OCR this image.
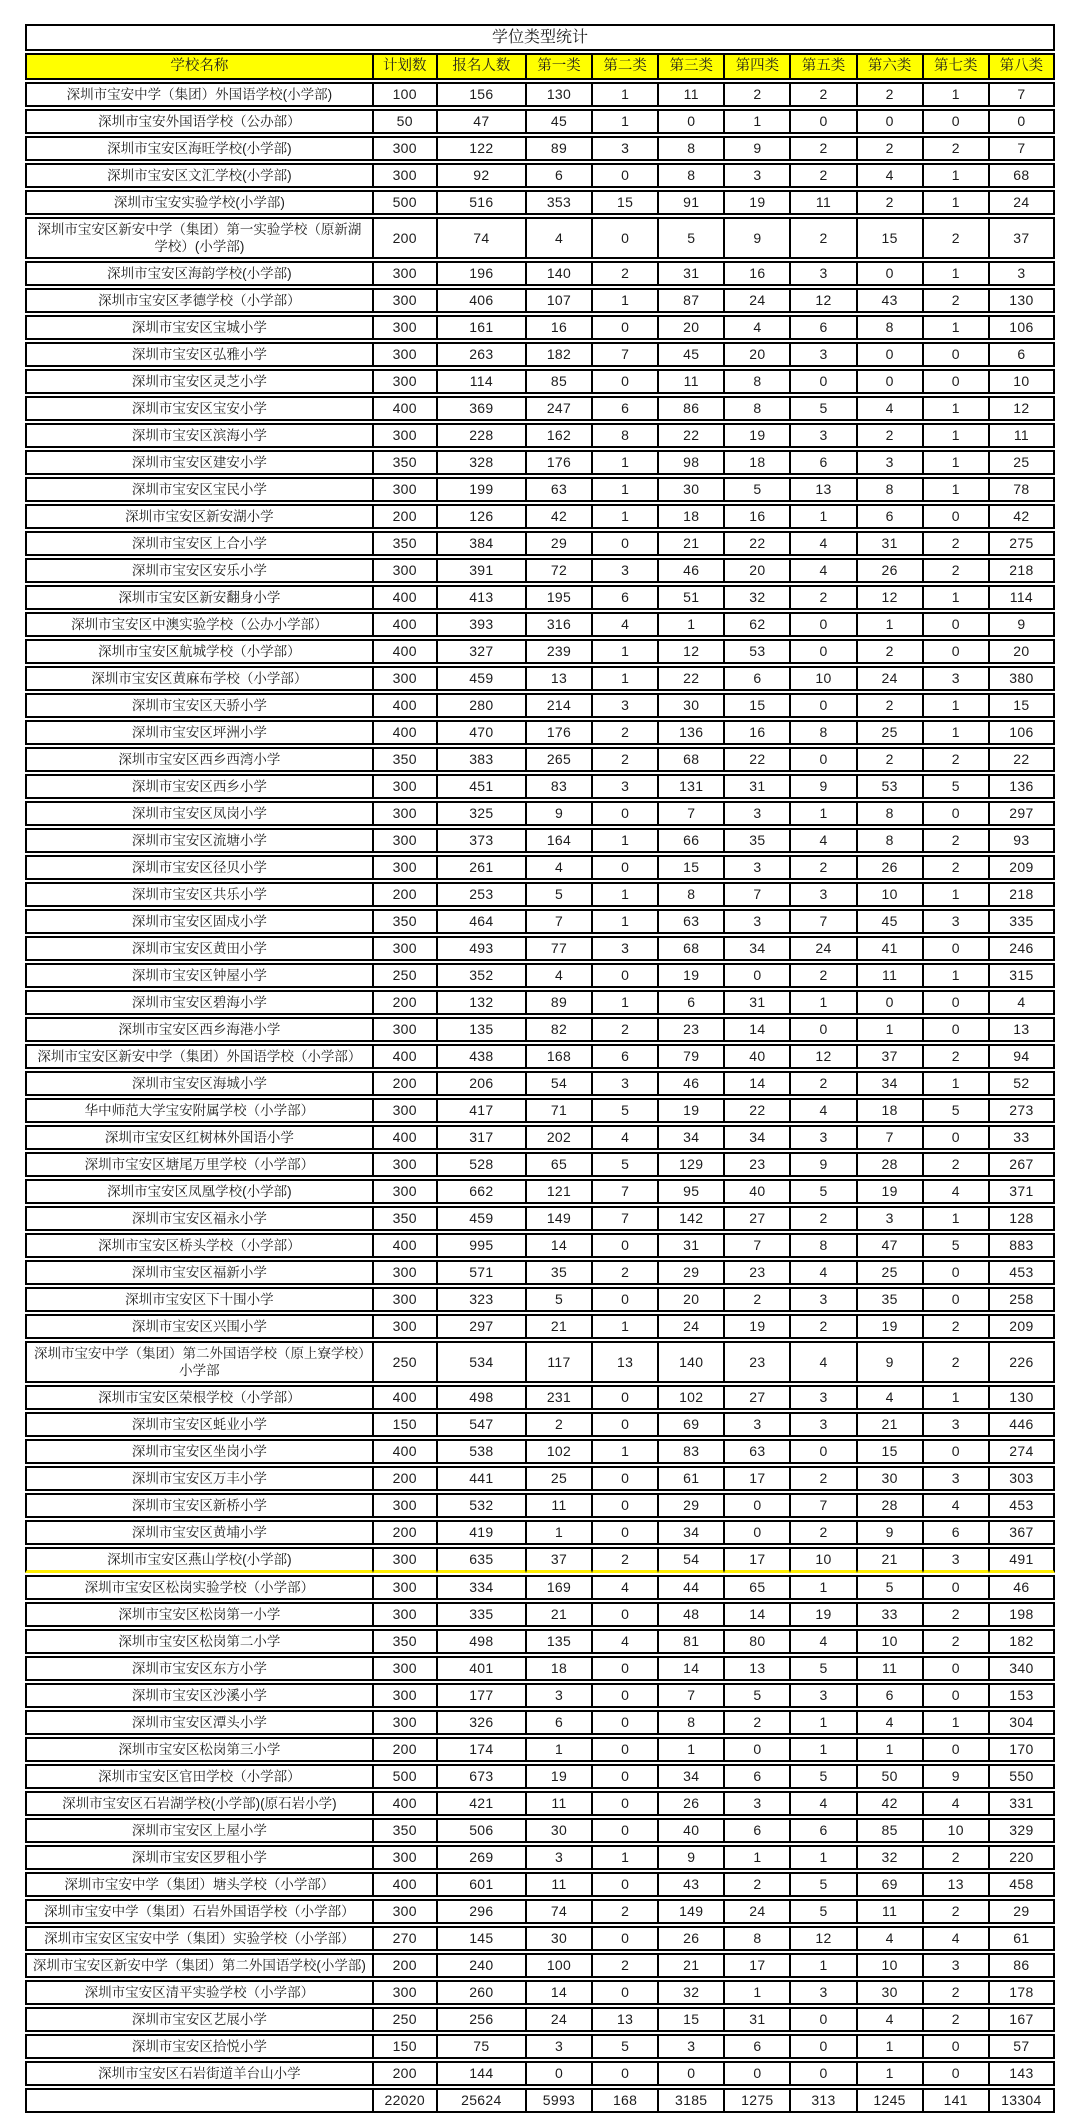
学位类型统计										
学校名称	计划数	报名人数	第一类	第二类	第三类	第四类	第五类	第六类	第七类	第八类
深圳市宝安中学（集团）外国语学校(小学部)	100	156	130	1	11	2	2	2	1	7
深圳市宝安外国语学校（公办部）	50	47	45	1	0	1	0	0	0	0
深圳市宝安区海旺学校(小学部)	300	122	89	3	8	9	2	2	2	7
深圳市宝安区文汇学校(小学部)	300	92	6	0	8	3	2	4	1	68
深圳市宝安实验学校(小学部)	500	516	353	15	91	19	11	2	1	24
深圳市宝安区新安中学（集团）第一实验学校（原新湖学校）(小学部)	200	74	4	0	5	9	2	15	2	37
深圳市宝安区海韵学校(小学部)	300	196	140	2	31	16	3	0	1	3
深圳市宝安区孝德学校（小学部）	300	406	107	1	87	24	12	43	2	130
深圳市宝安区宝城小学	300	161	16	0	20	4	6	8	1	106
深圳市宝安区弘雅小学	300	263	182	7	45	20	3	0	0	6
深圳市宝安区灵芝小学	300	114	85	0	11	8	0	0	0	10
深圳市宝安区宝安小学	400	369	247	6	86	8	5	4	1	12
深圳市宝安区滨海小学	300	228	162	8	22	19	3	2	1	11
深圳市宝安区建安小学	350	328	176	1	98	18	6	3	1	25
深圳市宝安区宝民小学	300	199	63	1	30	5	13	8	1	78
深圳市宝安区新安湖小学	200	126	42	1	18	16	1	6	0	42
深圳市宝安区上合小学	350	384	29	0	21	22	4	31	2	275
深圳市宝安区安乐小学	300	391	72	3	46	20	4	26	2	218
深圳市宝安区新安翻身小学	400	413	195	6	51	32	2	12	1	114
深圳市宝安区中澳实验学校（公办小学部）	400	393	316	4	1	62	0	1	0	9
深圳市宝安区航城学校（小学部）	400	327	239	1	12	53	0	2	0	20
深圳市宝安区黄麻布学校（小学部）	300	459	13	1	22	6	10	24	3	380
深圳市宝安区天骄小学	400	280	214	3	30	15	0	2	1	15
深圳市宝安区坪洲小学	400	470	176	2	136	16	8	25	1	106
深圳市宝安区西乡西湾小学	350	383	265	2	68	22	0	2	2	22
深圳市宝安区西乡小学	300	451	83	3	131	31	9	53	5	136
深圳市宝安区凤岗小学	300	325	9	0	7	3	1	8	0	297
深圳市宝安区流塘小学	300	373	164	1	66	35	4	8	2	93
深圳市宝安区径贝小学	300	261	4	0	15	3	2	26	2	209
深圳市宝安区共乐小学	200	253	5	1	8	7	3	10	1	218
深圳市宝安区固戍小学	350	464	7	1	63	3	7	45	3	335
深圳市宝安区黄田小学	300	493	77	3	68	34	24	41	0	246
深圳市宝安区钟屋小学	250	352	4	0	19	0	2	11	1	315
深圳市宝安区碧海小学	200	132	89	1	6	31	1	0	0	4
深圳市宝安区西乡海港小学	300	135	82	2	23	14	0	1	0	13
深圳市宝安区新安中学（集团）外国语学校（小学部）	400	438	168	6	79	40	12	37	2	94
深圳市宝安区海城小学	200	206	54	3	46	14	2	34	1	52
华中师范大学宝安附属学校（小学部）	300	417	71	5	19	22	4	18	5	273
深圳市宝安区红树林外国语小学	400	317	202	4	34	34	3	7	0	33
深圳市宝安区塘尾万里学校（小学部）	300	528	65	5	129	23	9	28	2	267
深圳市宝安区凤凰学校(小学部)	300	662	121	7	95	40	5	19	4	371
深圳市宝安区福永小学	350	459	149	7	142	27	2	3	1	128
深圳市宝安区桥头学校（小学部）	400	995	14	0	31	7	8	47	5	883
深圳市宝安区福新小学	300	571	35	2	29	23	4	25	0	453
深圳市宝安区下十围小学	300	323	5	0	20	2	3	35	0	258
深圳市宝安区兴围小学	300	297	21	1	24	19	2	19	2	209
深圳市宝安中学（集团）第二外国语学校（原上寮学校）小学部	250	534	117	13	140	23	4	9	2	226
深圳市宝安区荣根学校（小学部）	400	498	231	0	102	27	3	4	1	130
深圳市宝安区蚝业小学	150	547	2	0	69	3	3	21	3	446
深圳市宝安区坐岗小学	400	538	102	1	83	63	0	15	0	274
深圳市宝安区万丰小学	200	441	25	0	61	17	2	30	3	303
深圳市宝安区新桥小学	300	532	11	0	29	0	7	28	4	453
深圳市宝安区黄埔小学	200	419	1	0	34	0	2	9	6	367
深圳市宝安区燕山学校(小学部)	300	635	37	2	54	17	10	21	3	491
深圳市宝安区松岗实验学校（小学部）	300	334	169	4	44	65	1	5	0	46
深圳市宝安区松岗第一小学	300	335	21	0	48	14	19	33	2	198
深圳市宝安区松岗第二小学	350	498	135	4	81	80	4	10	2	182
深圳市宝安区东方小学	300	401	18	0	14	13	5	11	0	340
深圳市宝安区沙溪小学	300	177	3	0	7	5	3	6	0	153
深圳市宝安区潭头小学	300	326	6	0	8	2	1	4	1	304
深圳市宝安区松岗第三小学	200	174	1	0	1	0	1	1	0	170
深圳市宝安区官田学校（小学部）	500	673	19	0	34	6	5	50	9	550
深圳市宝安区石岩湖学校(小学部)(原石岩小学)	400	421	11	0	26	3	4	42	4	331
深圳市宝安区上屋小学	350	506	30	0	40	6	6	85	10	329
深圳市宝安区罗租小学	300	269	3	1	9	1	1	32	2	220
深圳市宝安中学（集团）塘头学校（小学部）	400	601	11	0	43	2	5	69	13	458
深圳市宝安中学（集团）石岩外国语学校（小学部）	300	296	74	2	149	24	5	11	2	29
深圳市宝安区宝安中学（集团）实验学校（小学部）	270	145	30	0	26	8	12	4	4	61
深圳市宝安区新安中学（集团）第二外国语学校(小学部)	200	240	100	2	21	17	1	10	3	86
深圳市宝安区清平实验学校（小学部）	300	260	14	0	32	1	3	30	2	178
深圳市宝安区艺展小学	250	256	24	13	15	31	0	4	2	167
深圳市宝安区拾悦小学	150	75	3	5	3	6	0	1	0	57
深圳市宝安区石岩街道羊台山小学	200	144	0	0	0	0	0	1	0	143
	22020	25624	5993	168	3185	1275	313	1245	141	13304
